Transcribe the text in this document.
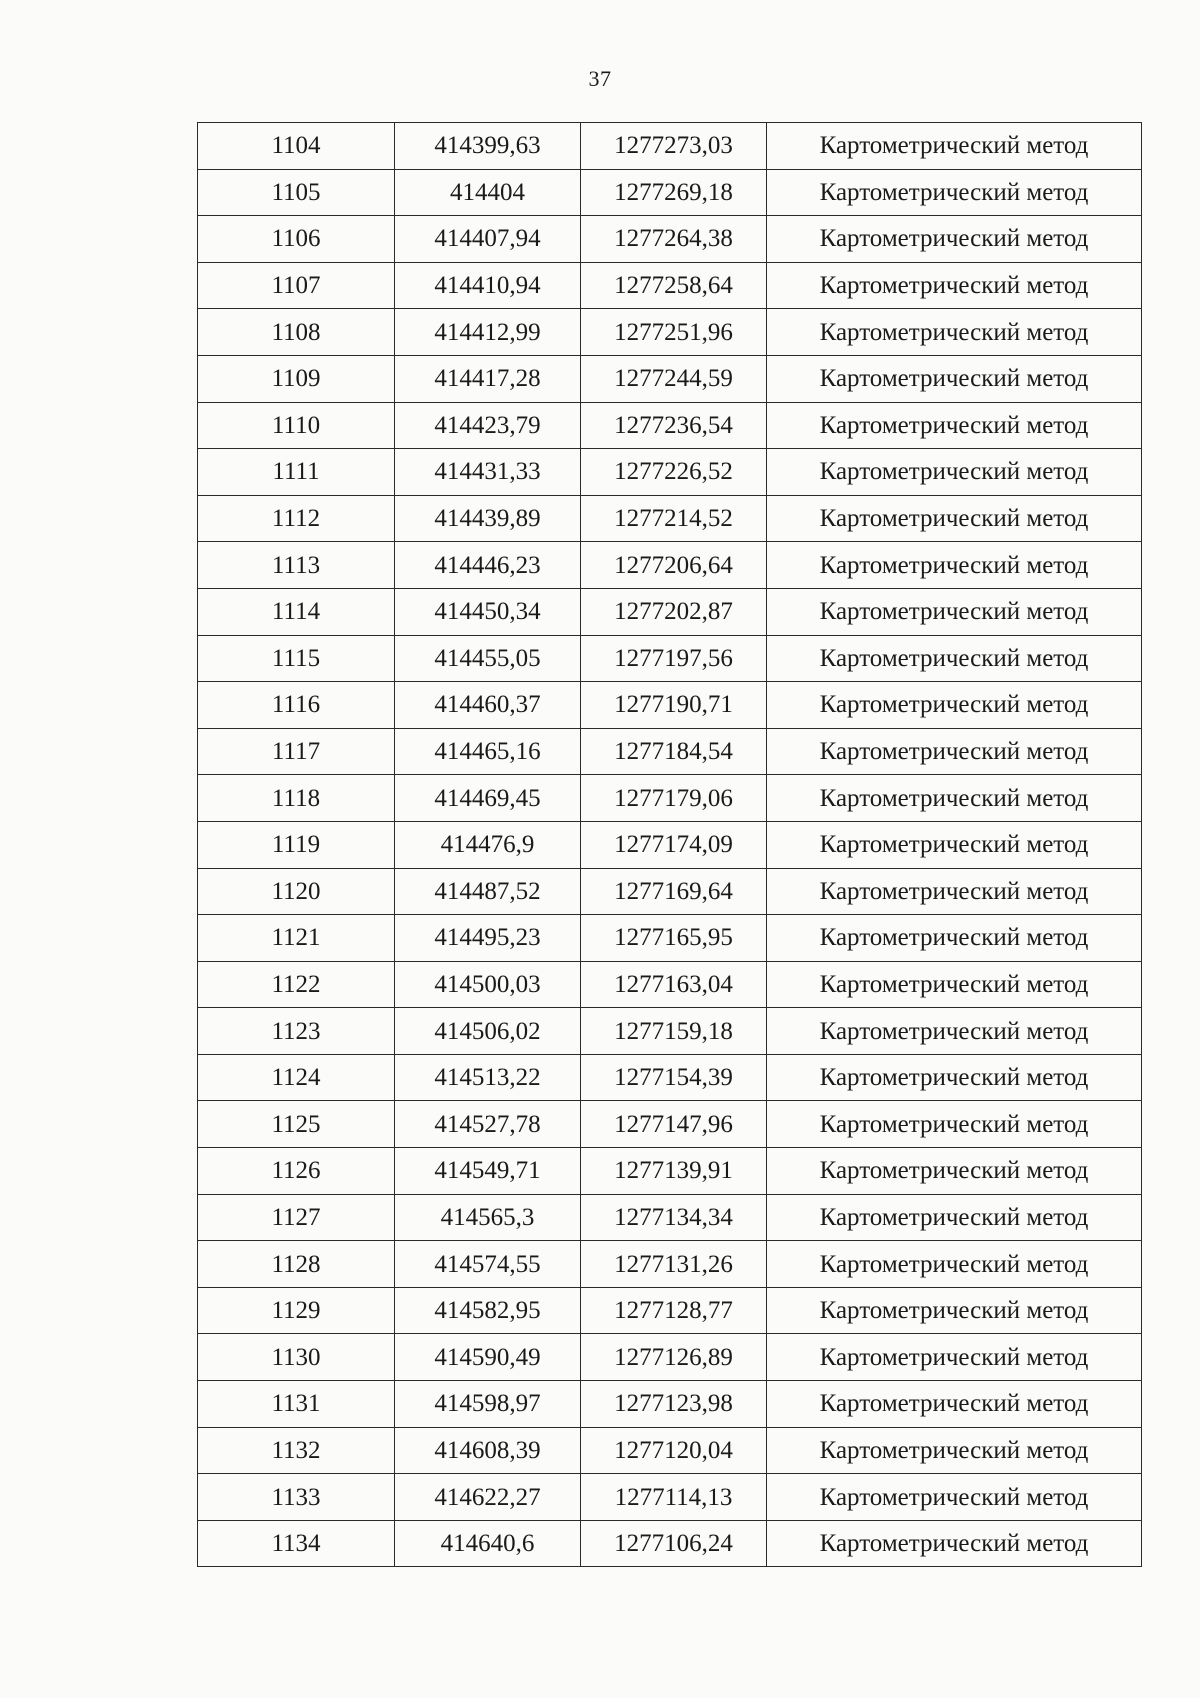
37
1104	414399,63	1277273,03	Картометрический метод
1105	414404	1277269,18	Картометрический метод
1106	414407,94	1277264,38	Картометрический метод
1107	414410,94	1277258,64	Картометрический метод
1108	414412,99	1277251,96	Картометрический метод
1109	414417,28	1277244,59	Картометрический метод
1110	414423,79	1277236,54	Картометрический метод
1111	414431,33	1277226,52	Картометрический метод
1112	414439,89	1277214,52	Картометрический метод
1113	414446,23	1277206,64	Картометрический метод
1114	414450,34	1277202,87	Картометрический метод
1115	414455,05	1277197,56	Картометрический метод
1116	414460,37	1277190,71	Картометрический метод
1117	414465,16	1277184,54	Картометрический метод
1118	414469,45	1277179,06	Картометрический метод
1119	414476,9	1277174,09	Картометрический метод
1120	414487,52	1277169,64	Картометрический метод
1121	414495,23	1277165,95	Картометрический метод
1122	414500,03	1277163,04	Картометрический метод
1123	414506,02	1277159,18	Картометрический метод
1124	414513,22	1277154,39	Картометрический метод
1125	414527,78	1277147,96	Картометрический метод
1126	414549,71	1277139,91	Картометрический метод
1127	414565,3	1277134,34	Картометрический метод
1128	414574,55	1277131,26	Картометрический метод
1129	414582,95	1277128,77	Картометрический метод
1130	414590,49	1277126,89	Картометрический метод
1131	414598,97	1277123,98	Картометрический метод
1132	414608,39	1277120,04	Картометрический метод
1133	414622,27	1277114,13	Картометрический метод
1134	414640,6	1277106,24	Картометрический метод
